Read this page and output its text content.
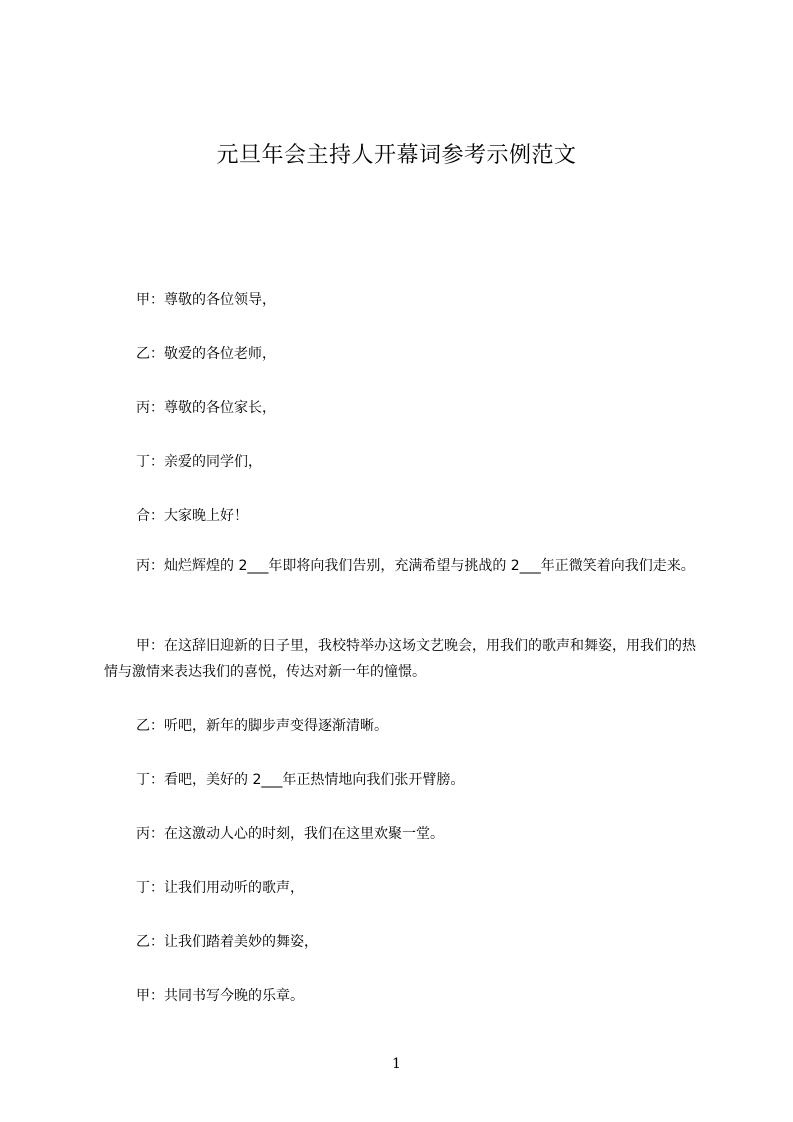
元旦年会主持人开幕词参考示例范文

甲：尊敬的各位领导，

乙：敬爱的各位老师，

丙：尊敬的各位家长，

丁：亲爱的同学们，

合：大家晚上好！

丙：灿烂辉煌的 2___年即将向我们告别，充满希望与挑战的 2___年正微笑着向我们走来。

甲：在这辞旧迎新的日子里，我校特举办这场文艺晚会，用我们的歌声和舞姿，用我们的热情与激情来表达我们的喜悦，传达对新一年的憧憬。

乙：听吧，新年的脚步声变得逐渐清晰。

丁：看吧，美好的 2___年正热情地向我们张开臂膀。

丙：在这激动人心的时刻，我们在这里欢聚一堂。

丁：让我们用动听的歌声，

乙：让我们踏着美妙的舞姿，

甲：共同书写今晚的乐章。

1
